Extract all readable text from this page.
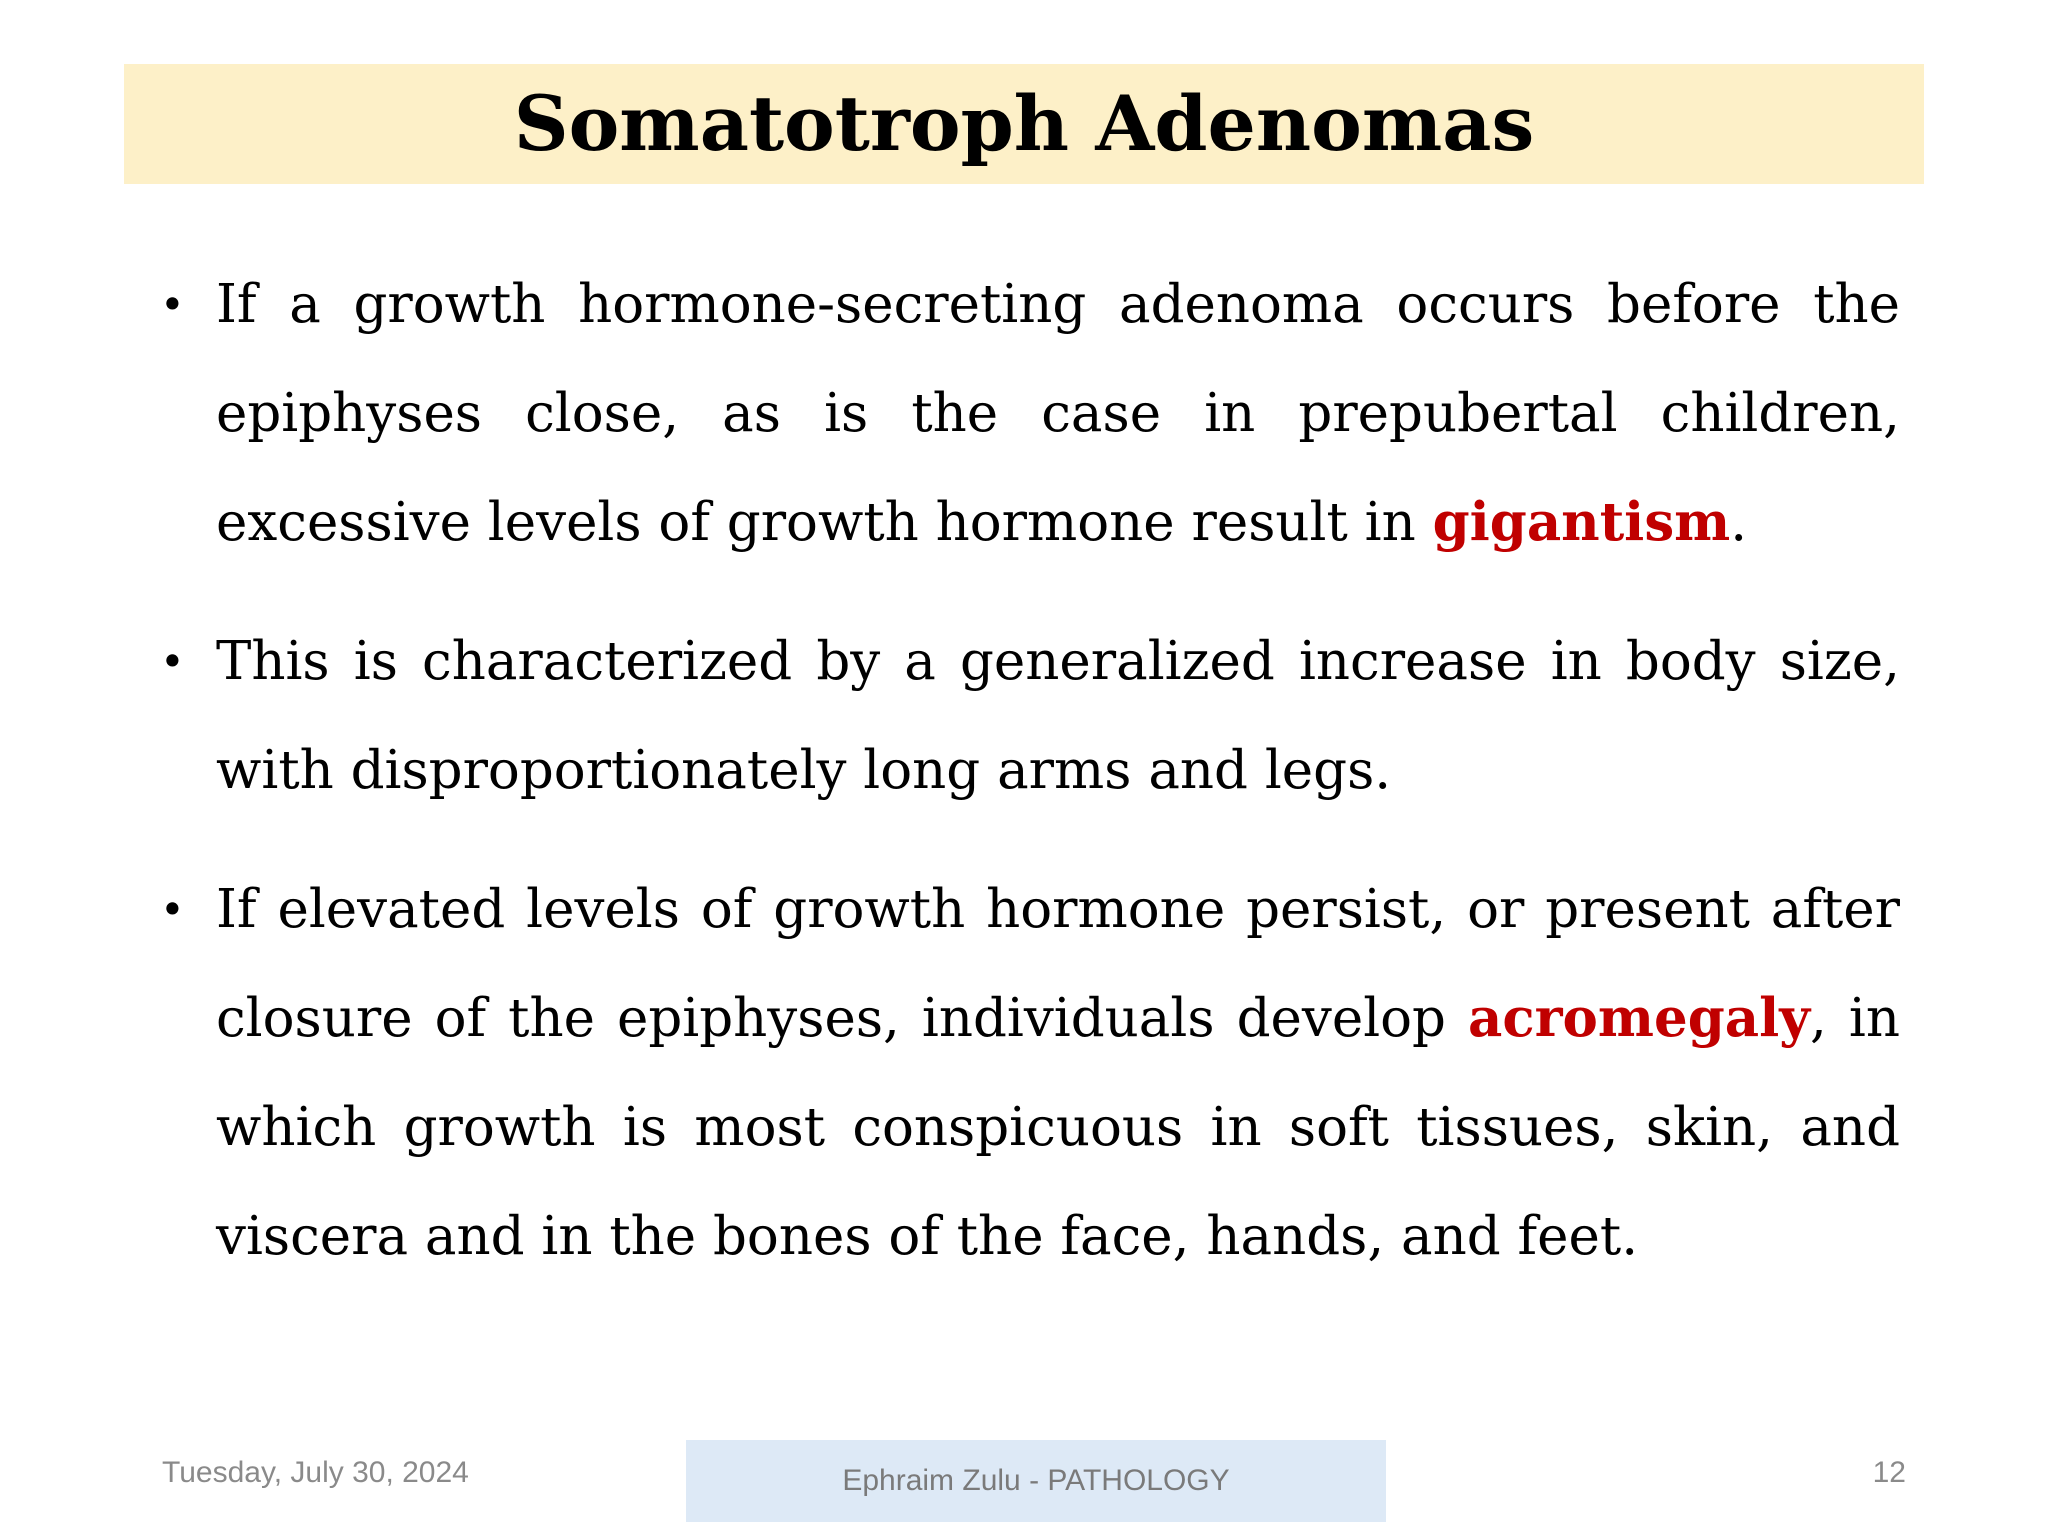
Somatotroph Adenomas
• If a growth hormone-secreting adenoma occurs before the epiphyses close, as is the case in prepubertal children, excessive levels of growth hormone result in gigantism.
• This is characterized by a generalized increase in body size, with disproportionately long arms and legs.
• If elevated levels of growth hormone persist, or present after closure of the epiphyses, individuals develop acromegaly, in which growth is most conspicuous in soft tissues, skin, and viscera and in the bones of the face, hands, and feet.
Tuesday, July 30, 2024	Ephraim Zulu - PATHOLOGY	12
